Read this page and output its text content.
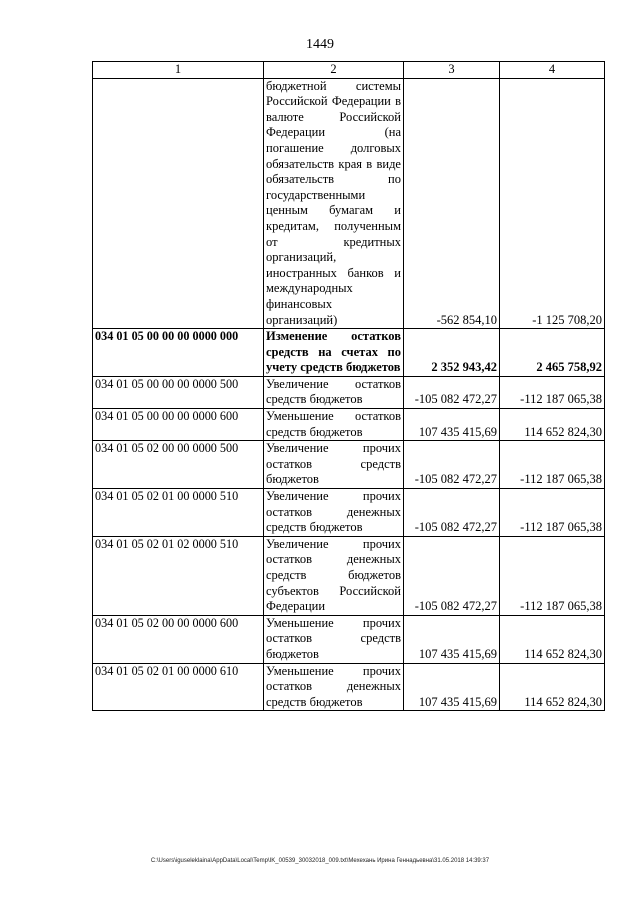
1449
1	2	3	4
	бюджетной системы Российской Федерации в валюте Российской Федерации (на погашение долговых обязательств края в виде обязательств по государственными ценным бумагам и кредитам, полученным от кредитных организаций, иностранных банков и международных финансовых организаций)	-562 854,10	-1 125 708,20
034 01 05 00 00 00 0000 000	Изменение остатков средств на счетах по учету средств бюджетов	2 352 943,42	2 465 758,92
034 01 05 00 00 00 0000 500	Увеличение остатков средств бюджетов	-105 082 472,27	-112 187 065,38
034 01 05 00 00 00 0000 600	Уменьшение остатков средств бюджетов	107 435 415,69	114 652 824,30
034 01 05 02 00 00 0000 500	Увеличение прочих остатков средств бюджетов	-105 082 472,27	-112 187 065,38
034 01 05 02 01 00 0000 510	Увеличение прочих остатков денежных средств бюджетов	-105 082 472,27	-112 187 065,38
034 01 05 02 01 02 0000 510	Увеличение прочих остатков денежных средств бюджетов субъектов Российской Федерации	-105 082 472,27	-112 187 065,38
034 01 05 02 00 00 0000 600	Уменьшение прочих остатков средств бюджетов	107 435 415,69	114 652 824,30
034 01 05 02 01 00 0000 610	Уменьшение прочих остатков денежных средств бюджетов	107 435 415,69	114 652 824,30
C:\Users\iguseleklaina\AppData\Local\Temp\IK_00539_30032018_009.txt\Мехехань Ирина Геннадьевна\31.05.2018 14:39:37
